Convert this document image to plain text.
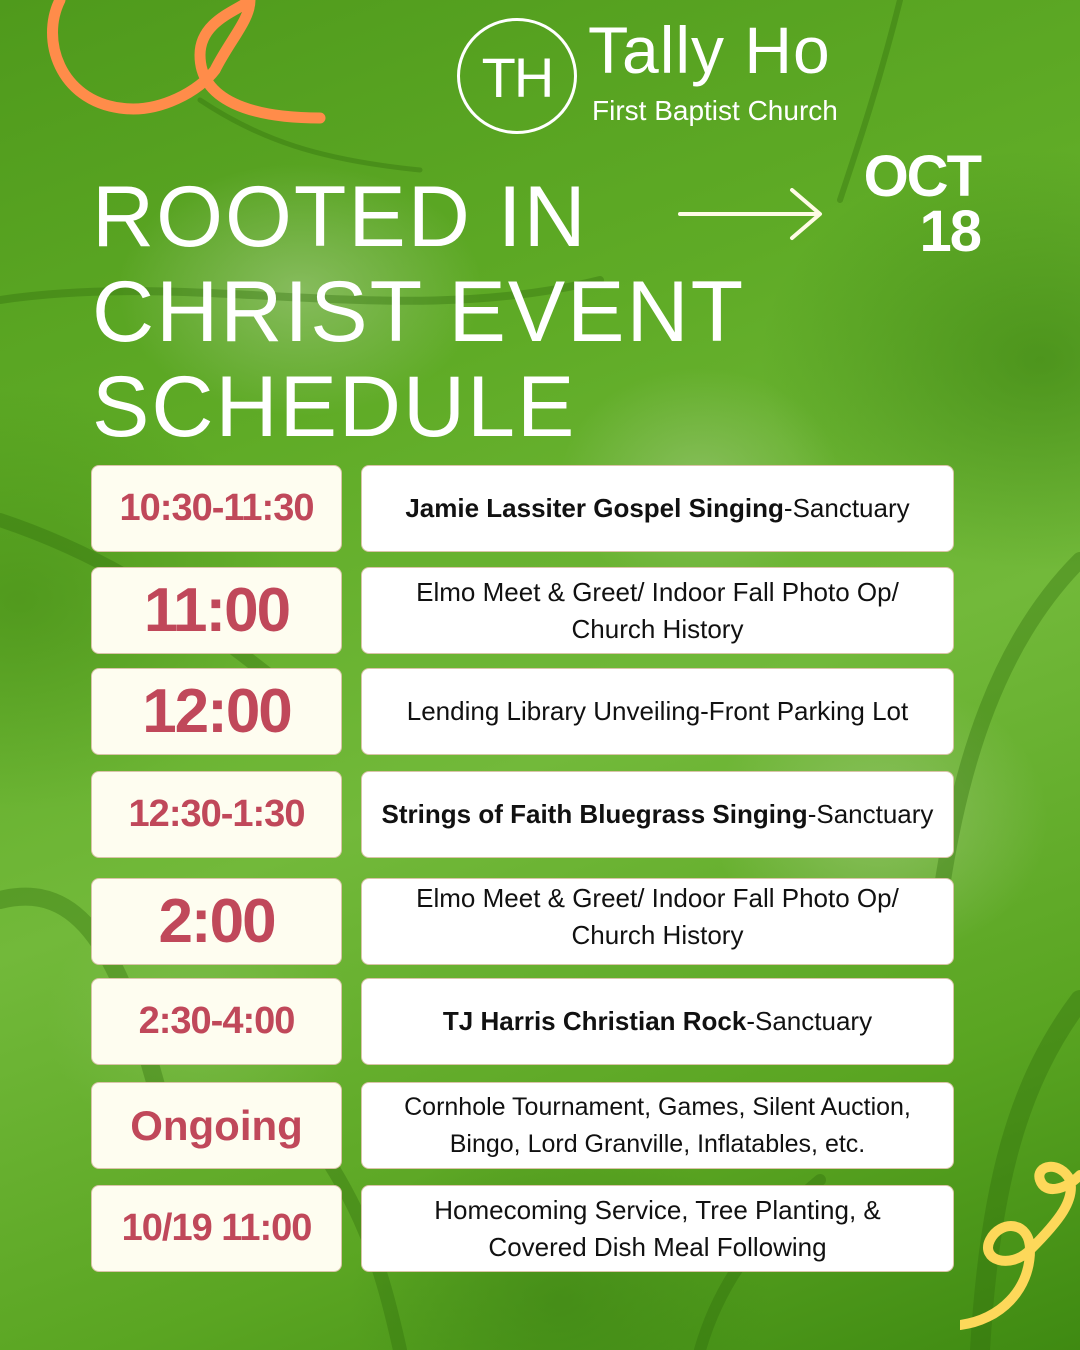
TH Tally Ho
First Baptist Church
ROOTED IN
CHRIST EVENT
SCHEDULE
OCT
18
10:30-11:30	Jamie Lassiter Gospel Singing-Sanctuary
11:00	Elmo Meet & Greet/ Indoor Fall Photo Op/
Church History
12:00	Lending Library Unveiling-Front Parking Lot
12:30-1:30	Strings of Faith Bluegrass Singing-Sanctuary
2:00	Elmo Meet & Greet/ Indoor Fall Photo Op/
Church History
2:30-4:00	TJ Harris Christian Rock-Sanctuary
Ongoing	Cornhole Tournament, Games, Silent Auction,
Bingo, Lord Granville, Inflatables, etc.
10/19 11:00	Homecoming Service, Tree Planting, &
Covered Dish Meal Following
